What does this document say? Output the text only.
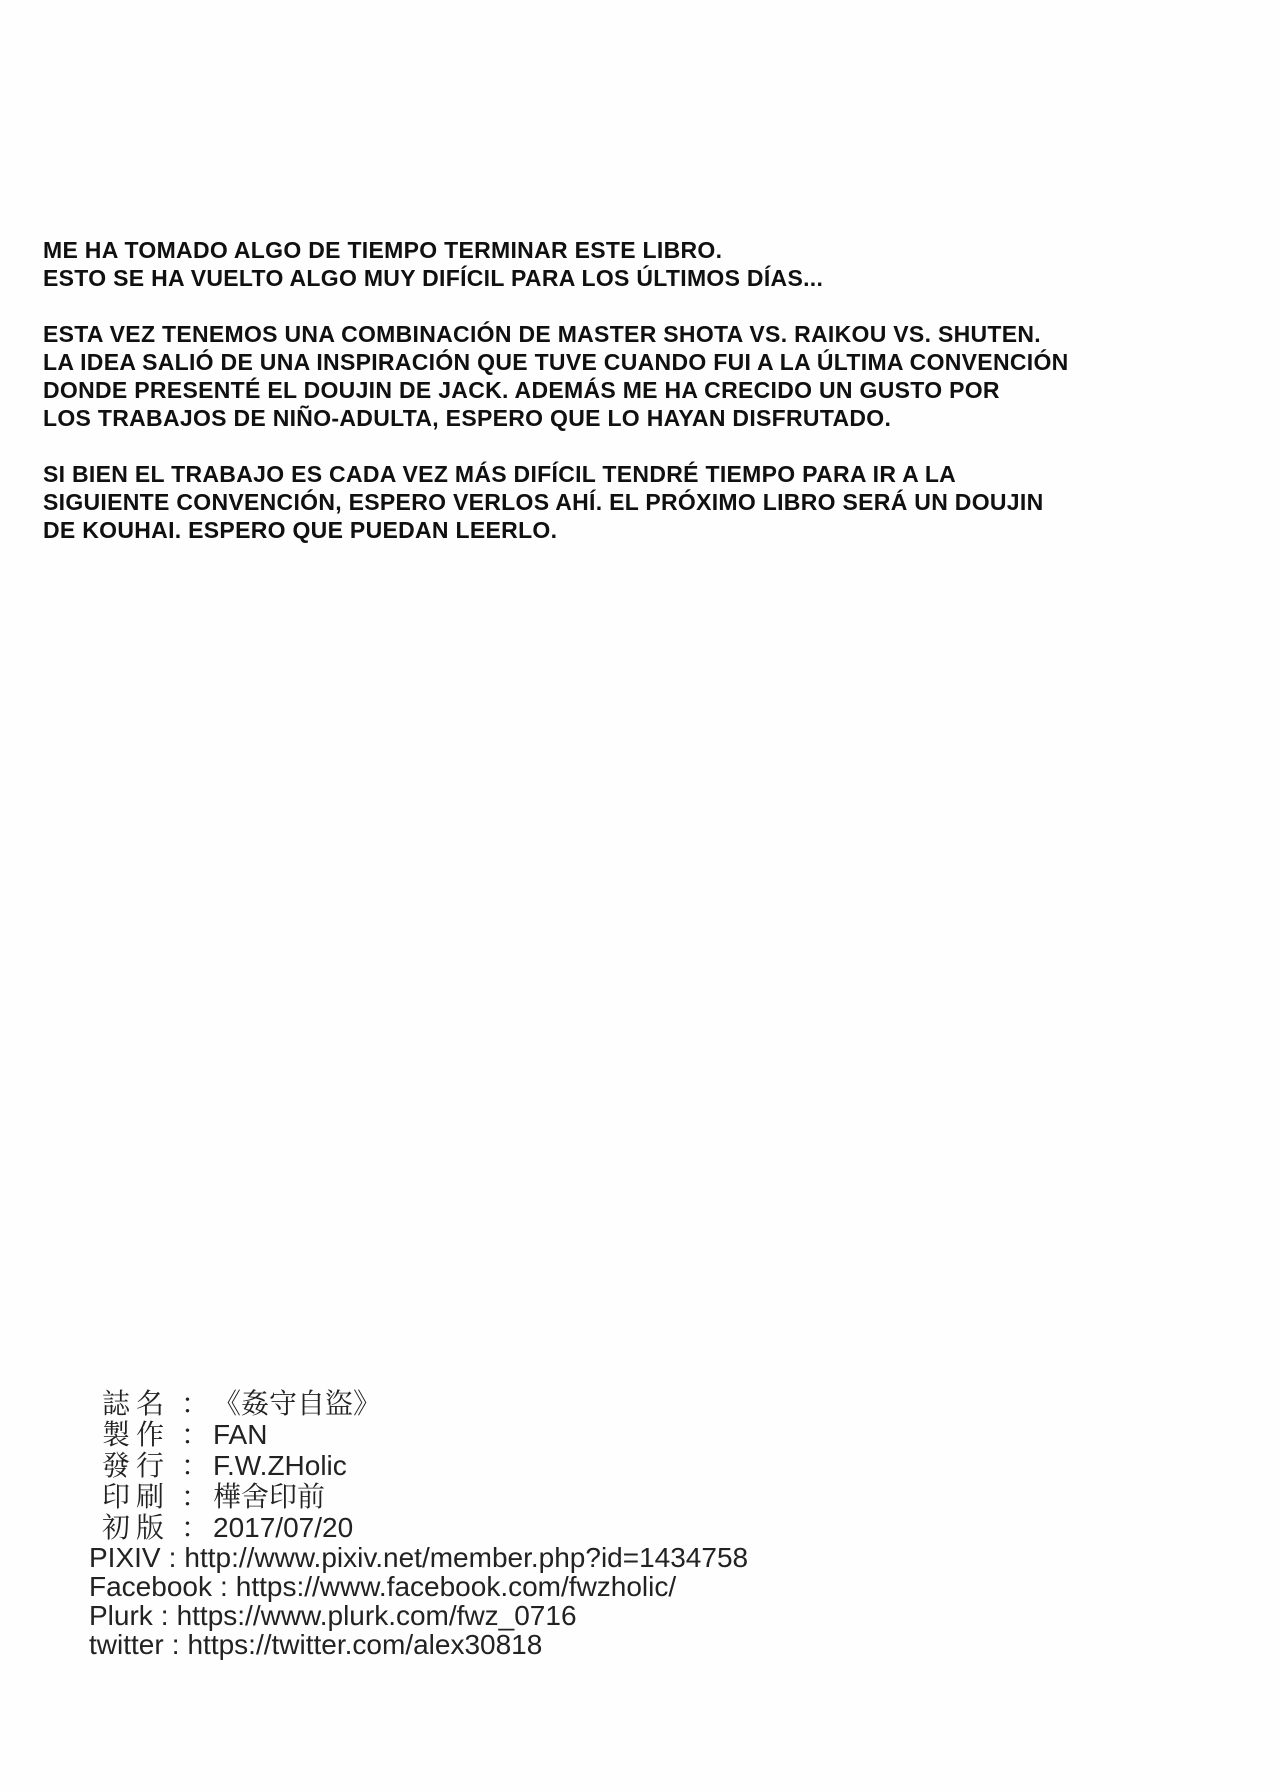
ME HA TOMADO ALGO DE TIEMPO TERMINAR ESTE LIBRO.
ESTO SE HA VUELTO ALGO MUY DIFÍCIL PARA LOS ÚLTIMOS DÍAS...

ESTA VEZ TENEMOS UNA COMBINACIÓN DE MASTER SHOTA VS. RAIKOU VS. SHUTEN.
LA IDEA SALIÓ DE UNA INSPIRACIÓN QUE TUVE CUANDO FUI A LA ÚLTIMA CONVENCIÓN
DONDE PRESENTÉ EL DOUJIN DE JACK. ADEMÁS ME HA CRECIDO UN GUSTO POR
LOS TRABAJOS DE NIÑO-ADULTA, ESPERO QUE LO HAYAN DISFRUTADO.

SI BIEN EL TRABAJO ES CADA VEZ MÁS DIFÍCIL TENDRÉ TIEMPO PARA IR A LA
SIGUIENTE CONVENCIÓN, ESPERO VERLOS AHÍ. EL PRÓXIMO LIBRO SERÁ UN DOUJIN
DE KOUHAI. ESPERO QUE PUEDAN LEERLO.

誌名 ： 《姦守自盜》
製作 ： FAN
發行 ： F.W.ZHolic
印刷 ： 樺舍印前
初版 ： 2017/07/20
PIXIV : http://www.pixiv.net/member.php?id=1434758
Facebook : https://www.facebook.com/fwzholic/
Plurk : https://www.plurk.com/fwz_0716
twitter : https://twitter.com/alex30818
